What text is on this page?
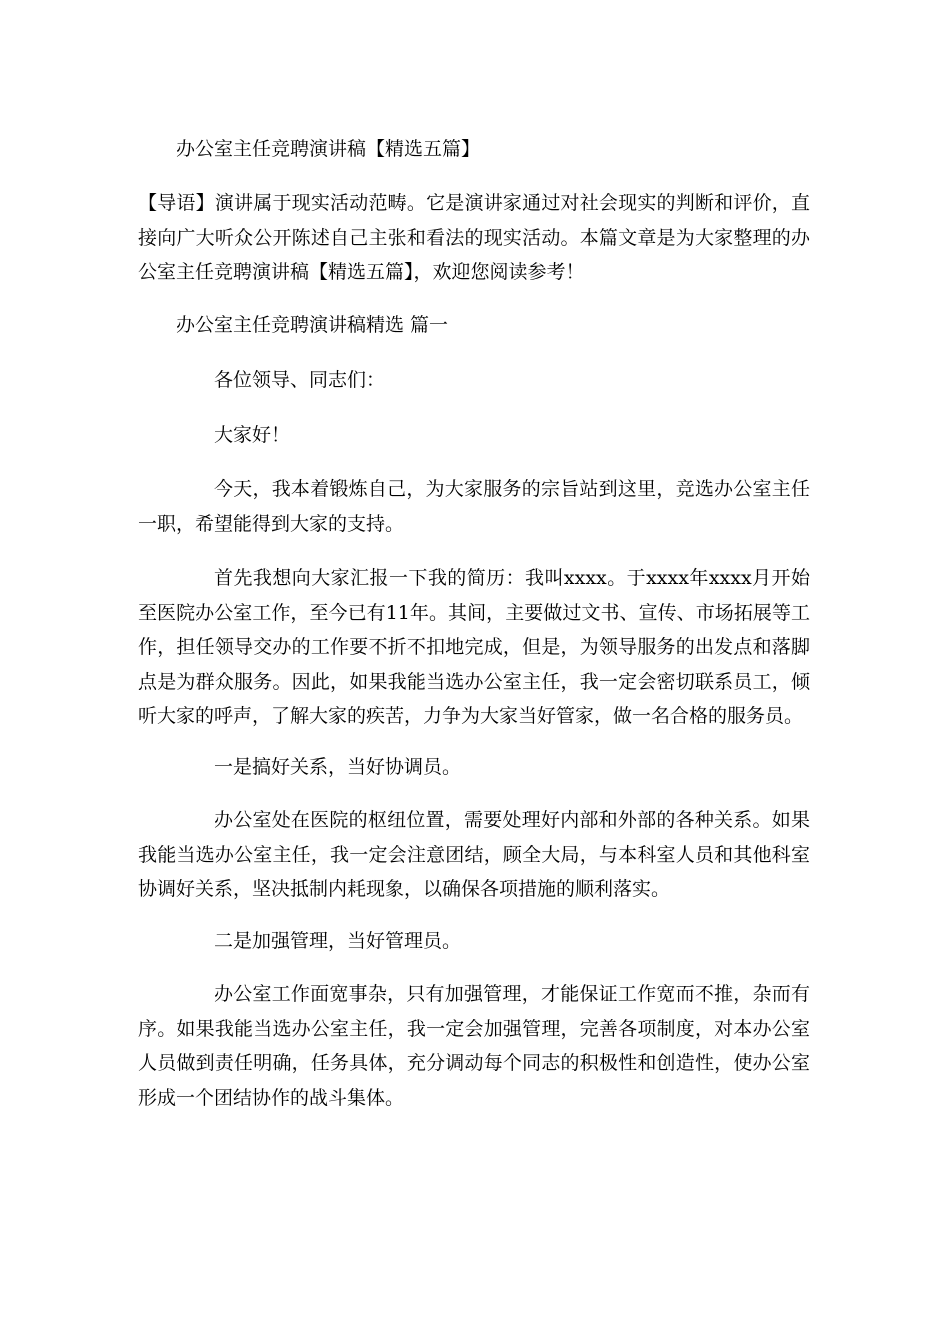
办公室主任竞聘演讲稿【精选五篇】

【导语】演讲属于现实活动范畴。它是演讲家通过对社会现实的判断和评价，直接向广大听众公开陈述自己主张和看法的现实活动。本篇文章是为大家整理的办公室主任竞聘演讲稿【精选五篇】，欢迎您阅读参考！

办公室主任竞聘演讲稿精选 篇一

各位领导、同志们：

大家好！

今天，我本着锻炼自己，为大家服务的宗旨站到这里，竞选办公室主任一职，希望能得到大家的支持。

首先我想向大家汇报一下我的简历：我叫xxxx。于xxxx年xxxx月开始至医院办公室工作，至今已有11年。其间，主要做过文书、宣传、市场拓展等工作，担任领导交办的工作要不折不扣地完成，但是，为领导服务的出发点和落脚点是为群众服务。因此，如果我能当选办公室主任，我一定会密切联系员工，倾听大家的呼声，了解大家的疾苦，力争为大家当好管家，做一名合格的服务员。

一是搞好关系，当好协调员。

办公室处在医院的枢纽位置，需要处理好内部和外部的各种关系。如果我能当选办公室主任，我一定会注意团结，顾全大局，与本科室人员和其他科室协调好关系，坚决抵制内耗现象，以确保各项措施的顺利落实。

二是加强管理，当好管理员。

办公室工作面宽事杂，只有加强管理，才能保证工作宽而不推，杂而有序。如果我能当选办公室主任，我一定会加强管理，完善各项制度，对本办公室人员做到责任明确，任务具体，充分调动每个同志的积极性和创造性，使办公室形成一个团结协作的战斗集体。
